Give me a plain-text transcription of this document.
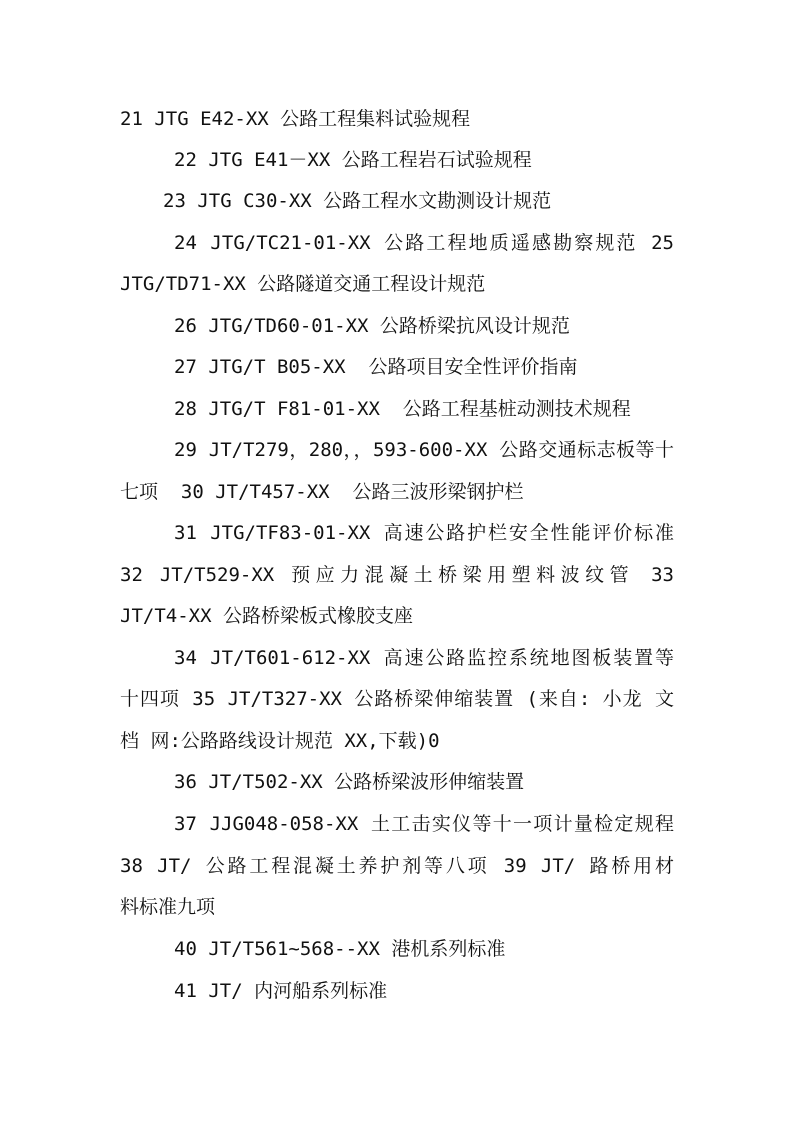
21 JTG E42-XX 公路工程集料试验规程
22 JTG E41－XX 公路工程岩石试验规程
23 JTG C30-XX 公路工程水文勘测设计规范
24 JTG/TC21-01-XX 公路工程地质遥感勘察规范 25
JTG/TD71-XX 公路隧道交通工程设计规范
26 JTG/TD60-01-XX 公路桥梁抗风设计规范
27 JTG/T B05-XX  公路项目安全性评价指南
28 JTG/T F81-01-XX  公路工程基桩动测技术规程
29 JT/T279，280，，593-600-XX 公路交通标志板等十
七项  30 JT/T457-XX  公路三波形梁钢护栏
31 JTG/TF83-01-XX 高速公路护栏安全性能评价标准
32 JT/T529-XX 预应力混凝土桥梁用塑料波纹管 33
JT/T4-XX 公路桥梁板式橡胶支座
34 JT/T601-612-XX 高速公路监控系统地图板装置等
十四项 35 JT/T327-XX 公路桥梁伸缩装置 (来自: 小龙 文
档 网:公路路线设计规范 XX,下载)0
36 JT/T502-XX 公路桥梁波形伸缩装置
37 JJG048-058-XX 土工击实仪等十一项计量检定规程
38 JT/ 公路工程混凝土养护剂等八项 39 JT/ 路桥用材
料标准九项
40 JT/T561~568--XX 港机系列标准
41 JT/ 内河船系列标准
